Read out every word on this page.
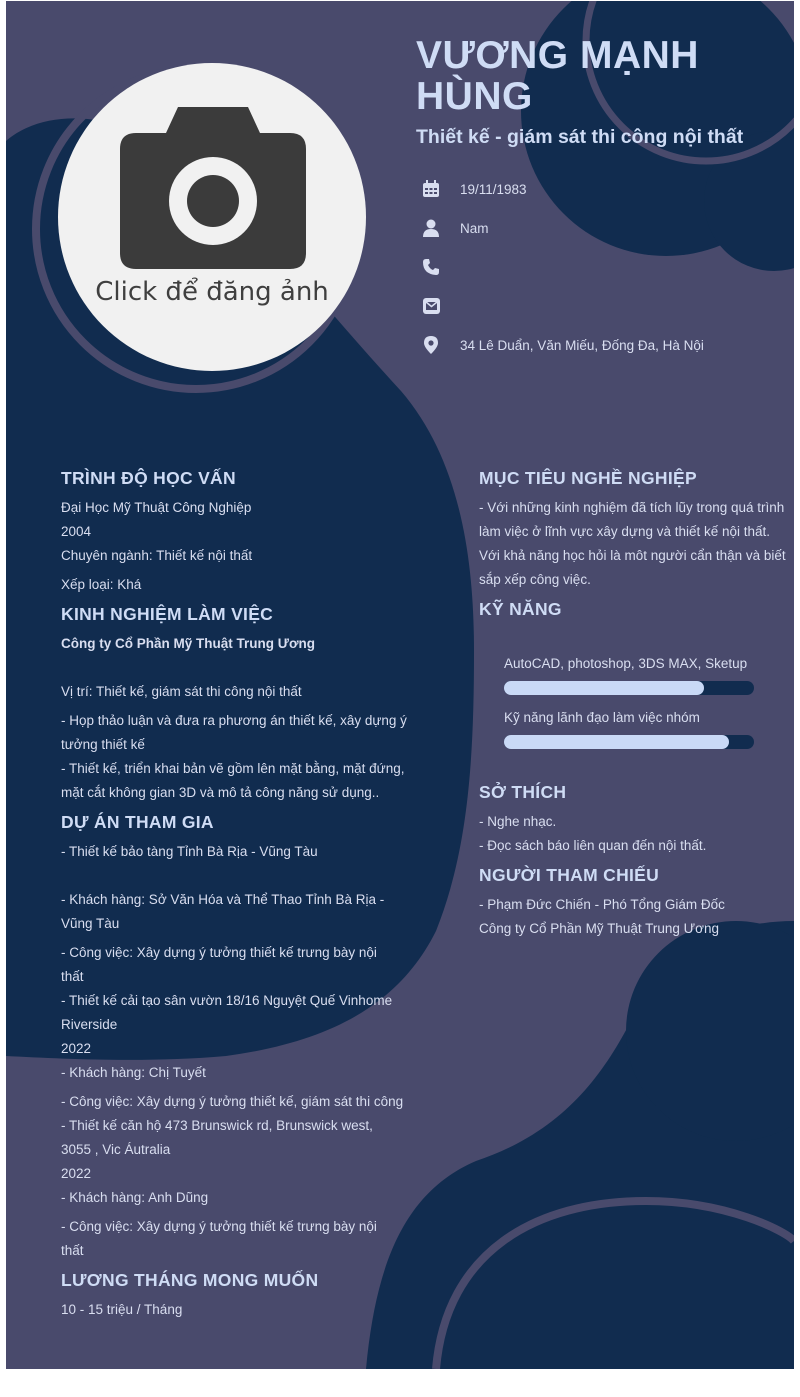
Click để đăng ảnh
VƯƠNG MẠNH HÙNG
Thiết kế - giám sát thi công nội thất
19/11/1983
Nam
34 Lê Duẩn, Văn Miếu, Đống Đa, Hà Nội
TRÌNH ĐỘ HỌC VẤN
Đại Học Mỹ Thuật Công Nghiệp
2004
Chuyên ngành: Thiết kế nội thất
Xếp loại: Khá
KINH NGHIỆM LÀM VIỆC
Công ty Cổ Phần Mỹ Thuật Trung Ương
Vị trí: Thiết kế, giám sát thi công nội thất
- Họp thảo luận và đưa ra phương án thiết kế, xây dựng ý
tưởng thiết kế
- Thiết kế, triển khai bản vẽ gồm lên mặt bằng, mặt đứng,
mặt cắt không gian 3D và mô tả công năng sử dụng..
DỰ ÁN THAM GIA
- Thiết kế bảo tàng Tỉnh Bà Rịa - Vũng Tàu
- Khách hàng: Sở Văn Hóa và Thể Thao Tỉnh Bà Rịa -
Vũng Tàu
- Công việc: Xây dựng ý tưởng thiết kế trưng bày nội
thất
- Thiết kế cải tạo sân vườn 18/16 Nguyệt Quế Vinhome
Riverside
2022
- Khách hàng: Chị Tuyết
- Công việc: Xây dựng ý tưởng thiết kế, giám sát thi công
- Thiết kế căn hộ 473 Brunswick rd, Brunswick west,
3055 , Vic Áutralia
2022
- Khách hàng: Anh Dũng
- Công việc: Xây dựng ý tưởng thiết kế trưng bày nội
thất
LƯƠNG THÁNG MONG MUỐN
10 - 15 triệu / Tháng
MỤC TIÊU NGHỀ NGHIỆP
- Với những kinh nghiệm đã tích lũy trong quá trình
làm việc ở lĩnh vực xây dựng và thiết kế nội thất.
Với khả năng học hỏi là môt người cẩn thận và biết
sắp xếp công việc.
KỸ NĂNG
AutoCAD, photoshop, 3DS MAX, Sketup
Kỹ năng lãnh đạo làm việc nhóm
SỞ THÍCH
- Nghe nhạc.
- Đọc sách báo liên quan đến nội thất.
NGƯỜI THAM CHIẾU
- Phạm Đức Chiến - Phó Tổng Giám Đốc
Công ty Cổ Phần Mỹ Thuật Trung Ương
